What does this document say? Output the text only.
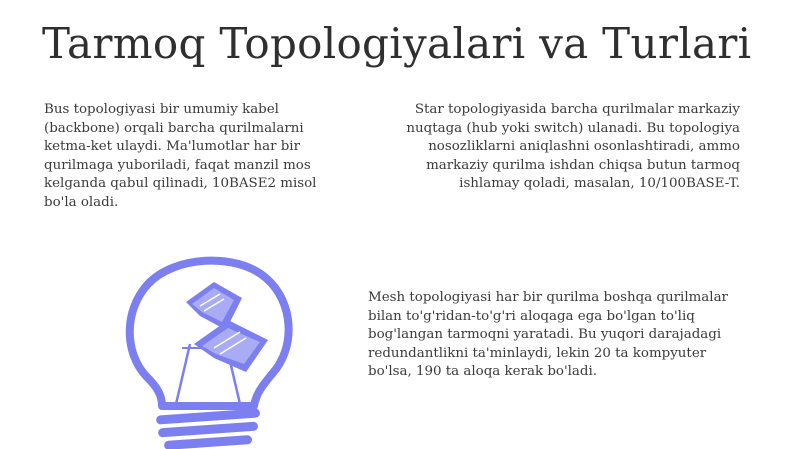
Tarmoq Topologiyalari va Turlari
Bus topologiyasi bir umumiy kabel (backbone) orqali barcha qurilmalarni ketma-ket ulaydi. Ma'lumotlar har bir qurilmaga yuboriladi, faqat manzil mos kelganda qabul qilinadi, 10BASE2 misol bo'la oladi.
Star topologiyasida barcha qurilmalar markaziy nuqtaga (hub yoki switch) ulanadi. Bu topologiya nosozliklarni aniqlashni osonlashtiradi, ammo markaziy qurilma ishdan chiqsa butun tarmoq ishlamay qoladi, masalan, 10/100BASE-T.
Mesh topologiyasi har bir qurilma boshqa qurilmalar bilan to'g'ridan-to'g'ri aloqaga ega bo'lgan to'liq bog'langan tarmoqni yaratadi. Bu yuqori darajadagi redundantlikni ta'minlaydi, lekin 20 ta kompyuter bo'lsa, 190 ta aloqa kerak bo'ladi.
